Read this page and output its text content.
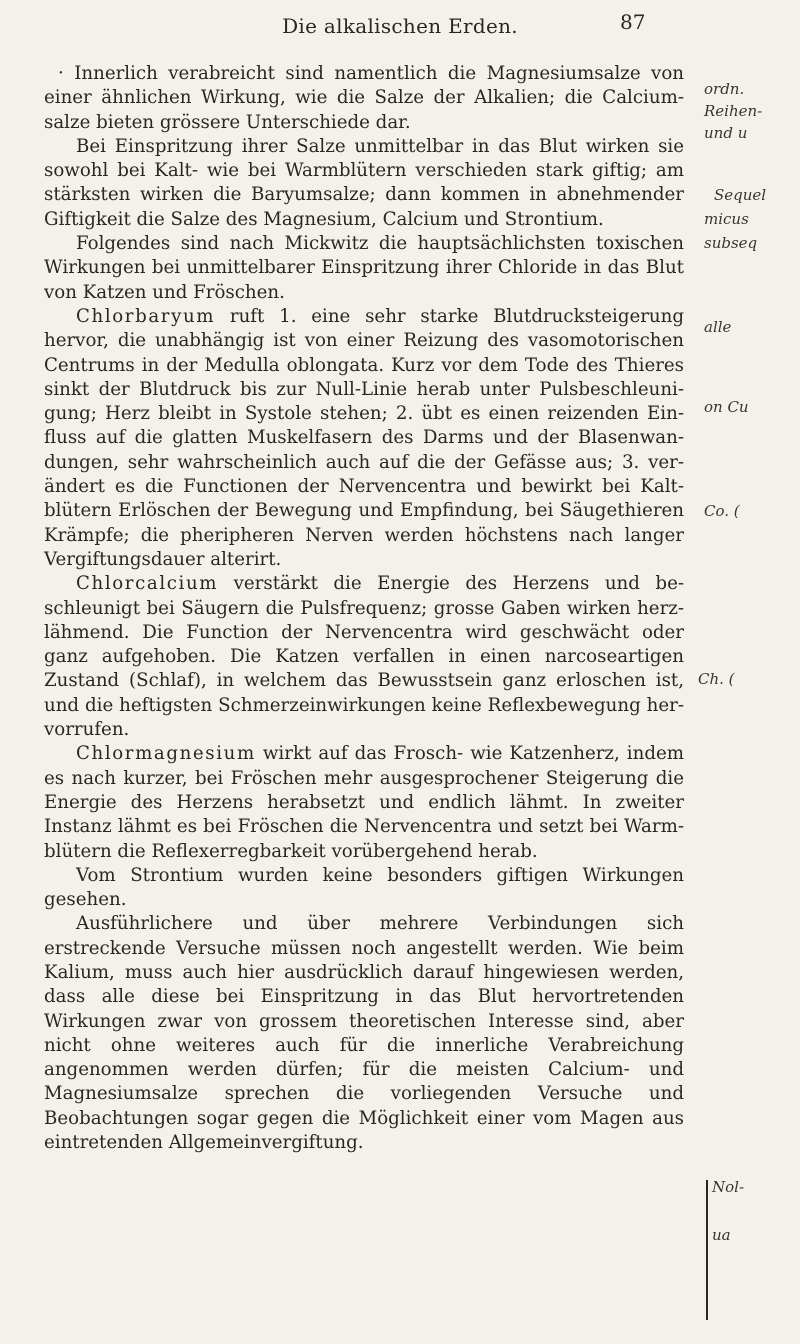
Die alkalischen Erden.	87

· Innerlich verabreicht sind namentlich die Magnesiumsalze von einer ähnlichen Wirkung, wie die Salze der Alkalien; die Calciumsalze bieten grössere Unterschiede dar.

Bei Einspritzung ihrer Salze unmittelbar in das Blut wirken sie sowohl bei Kalt- wie bei Warmblütern verschieden stark giftig; am stärksten wirken die Baryumsalze; dann kommen in abnehmender Giftigkeit die Salze des Magnesium, Calcium und Strontium.

Folgendes sind nach Mickwitz die hauptsächlichsten toxischen Wirkungen bei unmittelbarer Einspritzung ihrer Chloride in das Blut von Katzen und Fröschen.

Chlorbaryum ruft 1. eine sehr starke Blutdrucksteigerung hervor, die unabhängig ist von einer Reizung des vasomotorischen Centrums in der Medulla oblongata. Kurz vor dem Tode des Thieres sinkt der Blutdruck bis zur Null-Linie herab unter Pulsbeschleunigung; Herz bleibt in Systole stehen; 2. übt es einen reizenden Einfluss auf die glatten Muskelfasern des Darms und der Blasenwandungen, sehr wahrscheinlich auch auf die der Gefässe aus; 3. verändert es die Functionen der Nervencentra und bewirkt bei Kaltblütern Erlöschen der Bewegung und Empfindung, bei Säugethieren Krämpfe; die pheripheren Nerven werden höchstens nach langer Vergiftungsdauer alterirt.

Chlorcalcium verstärkt die Energie des Herzens und beschleunigt bei Säugern die Pulsfrequenz; grosse Gaben wirken herzlähmend. Die Function der Nervencentra wird geschwächt oder ganz aufgehoben. Die Katzen verfallen in einen narcoseartigen Zustand (Schlaf), in welchem das Bewusstsein ganz erloschen ist, und die heftigsten Schmerzeinwirkungen keine Reflexbewegung hervorrufen.

Chlormagnesium wirkt auf das Frosch- wie Katzenherz, indem es nach kurzer, bei Fröschen mehr ausgesprochener Steigerung die Energie des Herzens herabsetzt und endlich lähmt. In zweiter Instanz lähmt es bei Fröschen die Nervencentra und setzt bei Warmblütern die Reflexerregbarkeit vorübergehend herab.

Vom Strontium wurden keine besonders giftigen Wirkungen gesehen.

Ausführlichere und über mehrere Verbindungen sich erstreckende Versuche müssen noch angestellt werden. Wie beim Kalium, muss auch hier ausdrücklich darauf hingewiesen werden, dass alle diese bei Einspritzung in das Blut hervortretenden Wirkungen zwar von grossem theoretischen Interesse sind, aber nicht ohne weiteres auch für die innerliche Verabreichung angenommen werden dürfen; für die meisten Calcium- und Magnesiumsalze sprechen die vorliegenden Versuche und Beobachtungen sogar gegen die Möglichkeit einer vom Magen aus eintretenden Allgemeinvergiftung.

ordn.
Reihen-
und u
Sequel
micus
subseq
alle
on Cu
Co. (
Ch. (
Nol-
ua
